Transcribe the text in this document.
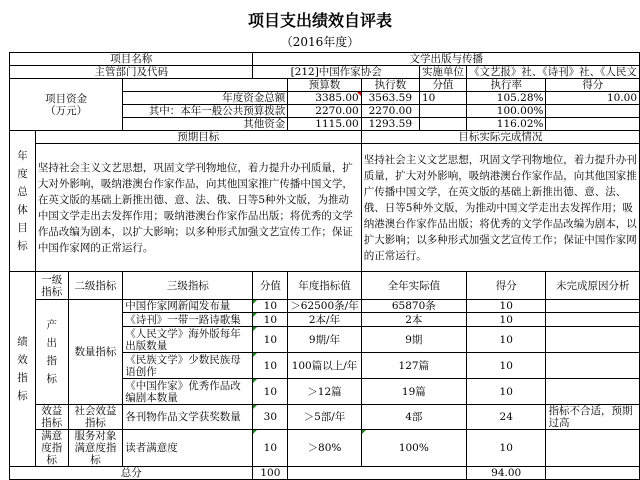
项目支出绩效自评表
（2016年度）
项目名称				文学出版与传播					
主管部门及代码				[212]中国作家协会			实施单位	《文艺报》社、《诗刊》社、《人民文	

项目资金
（万元）					预算数	执行数	分值	执行率	得分
			年度资金总额		3385.00	3563.59	10	105.28%	10.00
			其中：本年一般公共预算拨款		2270.00	2270.00		100.00%	
			其他资金		1115.00	1293.59		116.02%	

年度总体目标	预期目标					目标实际完成情况			
	坚持社会主义文艺思想，巩固文学刊物地位，着力提升办刊质量，扩大对外影响，吸纳港澳台作家作品，向其他国家推广传播中国文学，在英文版的基础上新推出德、意、法、俄、日等5种外文版，为推动中国文学走出去发挥作用；吸纳港澳台作家作品出版；将优秀的文学作品改编为剧本，以扩大影响；以多种形式加强文艺宣传工作；保证中国作家网的正常运行。					坚持社会主义文艺思想，巩固文学刊物地位，着力提升办刊质量，扩大对外影响，吸纳港澳台作家作品，向其他国家推广传播中国文学，在英文版的基础上新推出德、意、法、俄、日等5种外文版，为推动中国文学走出去发挥作用；吸纳港澳台作家作品出版；将优秀的文学作品改编为剧本，以扩大影响；以多种形式加强文艺宣传工作；保证中国作家网的正常运行。			

绩效指标	一级指标	二级指标	三级指标	分值	年度指标值	全年实际值		得分	未完成原因分析

	产出指标	数量指标	中国作家网新闻发布量	10	＞62500条/年	65870条		10	
			《诗刊》一带一路诗歌集	10	2本/年	2本		10	
			《人民文学》海外版每年出版数量	10	9期/年	9期		10	
			《民族文学》少数民族母语创作	10	100篇以上/年	127篇		10	
			《中国作家》优秀作品改编剧本数量	10	＞12篇	19篇		10	
	效益指标	社会效益指标	各刊物作品文学获奖数量	30	＞5部/年	4部		24	指标不合适，预期过高
	满意度指标	服务对象满意度指标	读者满意度	10	＞80%	100%		10	
总分				100				94.00	
